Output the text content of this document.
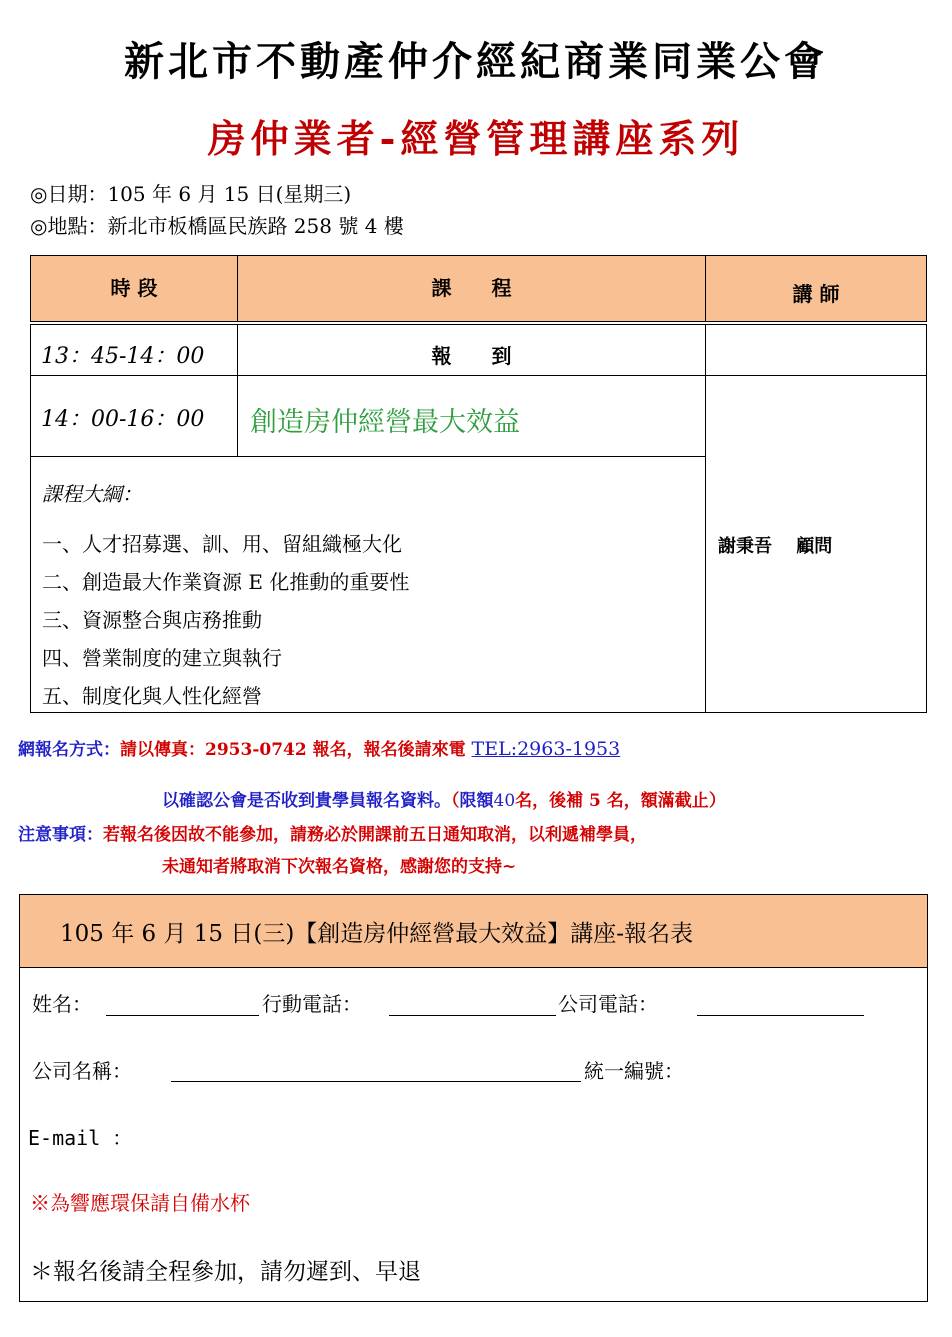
新北市不動產仲介經紀商業同業公會
房仲業者-經營管理講座系列
◎日期：105 年 6 月 15 日(星期三)
◎地點：新北市板橋區民族路 258 號 4 樓
時 段	課　　程	講 師
13：45-14：00	報　　到
14：00-16：00	創造房仲經營最大效益
課程大綱：
一、人才招募選、訓、用、留組織極大化
二、創造最大作業資源 E 化推動的重要性
三、資源整合與店務推動
四、營業制度的建立與執行
五、制度化與人性化經營
謝秉吾　 顧問
網報名方式：請以傳真：2953-0742 報名，報名後請來電 TEL:2963-1953
以確認公會是否收到貴學員報名資料。（限額40名，後補 5 名，額滿截止）
注意事項：若報名後因故不能參加，請務必於開課前五日通知取消，以利遞補學員，
未通知者將取消下次報名資格，感謝您的支持~
105 年 6 月 15 日(三)【創造房仲經營最大效益】講座-報名表
姓名：	行動電話：	公司電話：
公司名稱：	統一編號：
E-mail ：
※為響應環保請自備水杯
＊報名後請全程參加，請勿遲到、早退
